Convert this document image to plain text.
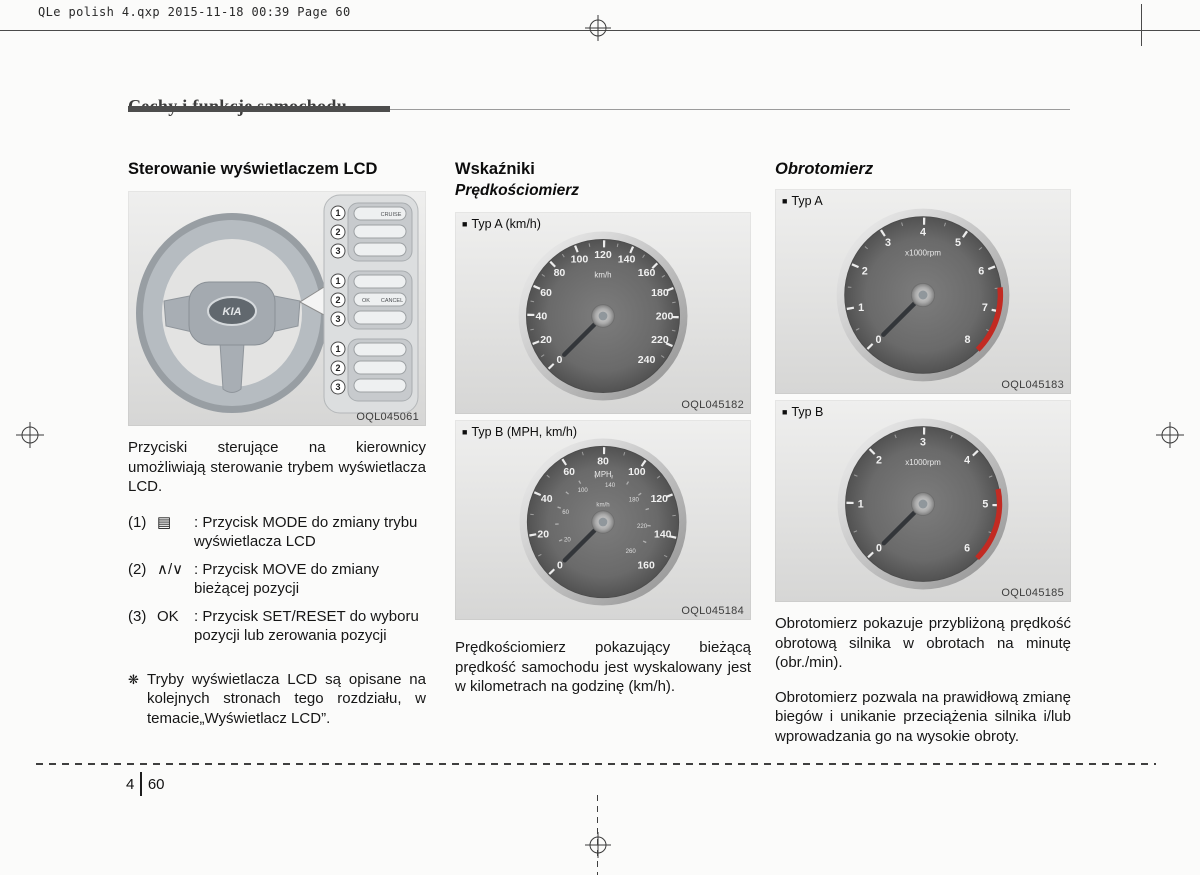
QLe polish 4.qxp 2015-11-18 00:39 Page 60
Sterowanie wyświetlaczem LCD
KIA
CRUISE
1
2
3
OK CANCEL
1
2
3
1
2
3
OQL045061

Przyciski sterujące na kierownicy umożliwiają sterowanie trybem wyświetlacza LCD.

(1) ▤	: Przycisk MODE do zmiany trybu wyświetlacza LCD
(2) ∧/∨ : Przycisk MOVE do zmiany bieżącej pozycji
(3) OK	: Przycisk SET/RESET do wyboru pozycji lub zerowania pozycji
❋ Tryby wyświetlacza LCD są opisane na kolejnych stronach tego rozdziału, w temacie„Wyświetlacz LCD”.
Wskaźniki
Prędkościomierz
■ Typ A (km/h)
0
20
40
60
80
100 120 140
160
180
200
220
240
km/h
OQL045182
■ Typ B (MPH, km/h)
0
20
40
60
80
100
120
140
160
MPH
20
60
100
140
180
220
260
km/h
OQL045184

Prędkościomierz pokazujący bieżącą prędkość samochodu jest wyskalowany jest w kilometrach na godzinę (km/h).

Obrotomierz
■ Typ A
0
1
2
3
4
5
6
7
8
x1000rpm
OQL045183
■ Typ B
0
1
2
3
4
5
6
x1000rpm
OQL045185

Obrotomierz pokazuje przybliżoną prędkość obrotową silnika w obrotach na minutę (obr./min).

Obrotomierz pozwala na prawidłową zmianę biegów i unikanie przeciążenia silnika i/lub wprowadzania go na wysokie obroty.

4 60
